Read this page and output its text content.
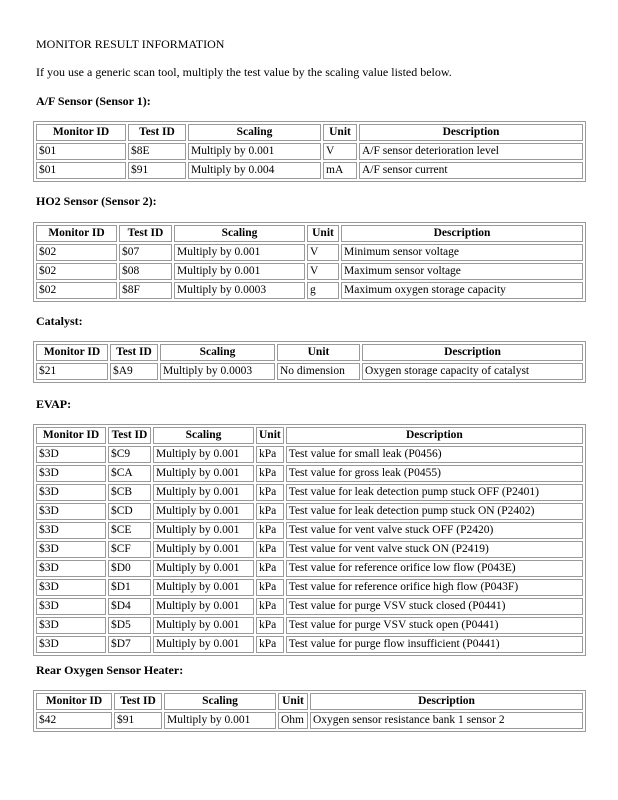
MONITOR RESULT INFORMATION
If you use a generic scan tool, multiply the test value by the scaling value listed below.
A/F Sensor (Sensor 1):
Monitor ID	Test ID	Scaling	Unit	Description
$01	$8E	Multiply by 0.001	V	A/F sensor deterioration level
$01	$91	Multiply by 0.004	mA	A/F sensor current
HO2 Sensor (Sensor 2):
Monitor ID	Test ID	Scaling	Unit	Description
$02	$07	Multiply by 0.001	V	Minimum sensor voltage
$02	$08	Multiply by 0.001	V	Maximum sensor voltage
$02	$8F	Multiply by 0.0003	g	Maximum oxygen storage capacity
Catalyst:
Monitor ID	Test ID	Scaling	Unit	Description
$21	$A9	Multiply by 0.0003	No dimension	Oxygen storage capacity of catalyst
EVAP:
Monitor ID	Test ID	Scaling	Unit	Description
$3D	$C9	Multiply by 0.001	kPa	Test value for small leak (P0456)
$3D	$CA	Multiply by 0.001	kPa	Test value for gross leak (P0455)
$3D	$CB	Multiply by 0.001	kPa	Test value for leak detection pump stuck OFF (P2401)
$3D	$CD	Multiply by 0.001	kPa	Test value for leak detection pump stuck ON (P2402)
$3D	$CE	Multiply by 0.001	kPa	Test value for vent valve stuck OFF (P2420)
$3D	$CF	Multiply by 0.001	kPa	Test value for vent valve stuck ON (P2419)
$3D	$D0	Multiply by 0.001	kPa	Test value for reference orifice low flow (P043E)
$3D	$D1	Multiply by 0.001	kPa	Test value for reference orifice high flow (P043F)
$3D	$D4	Multiply by 0.001	kPa	Test value for purge VSV stuck closed (P0441)
$3D	$D5	Multiply by 0.001	kPa	Test value for purge VSV stuck open (P0441)
$3D	$D7	Multiply by 0.001	kPa	Test value for purge flow insufficient (P0441)
Rear Oxygen Sensor Heater:
Monitor ID	Test ID	Scaling	Unit	Description
$42	$91	Multiply by 0.001	Ohm	Oxygen sensor resistance bank 1 sensor 2
